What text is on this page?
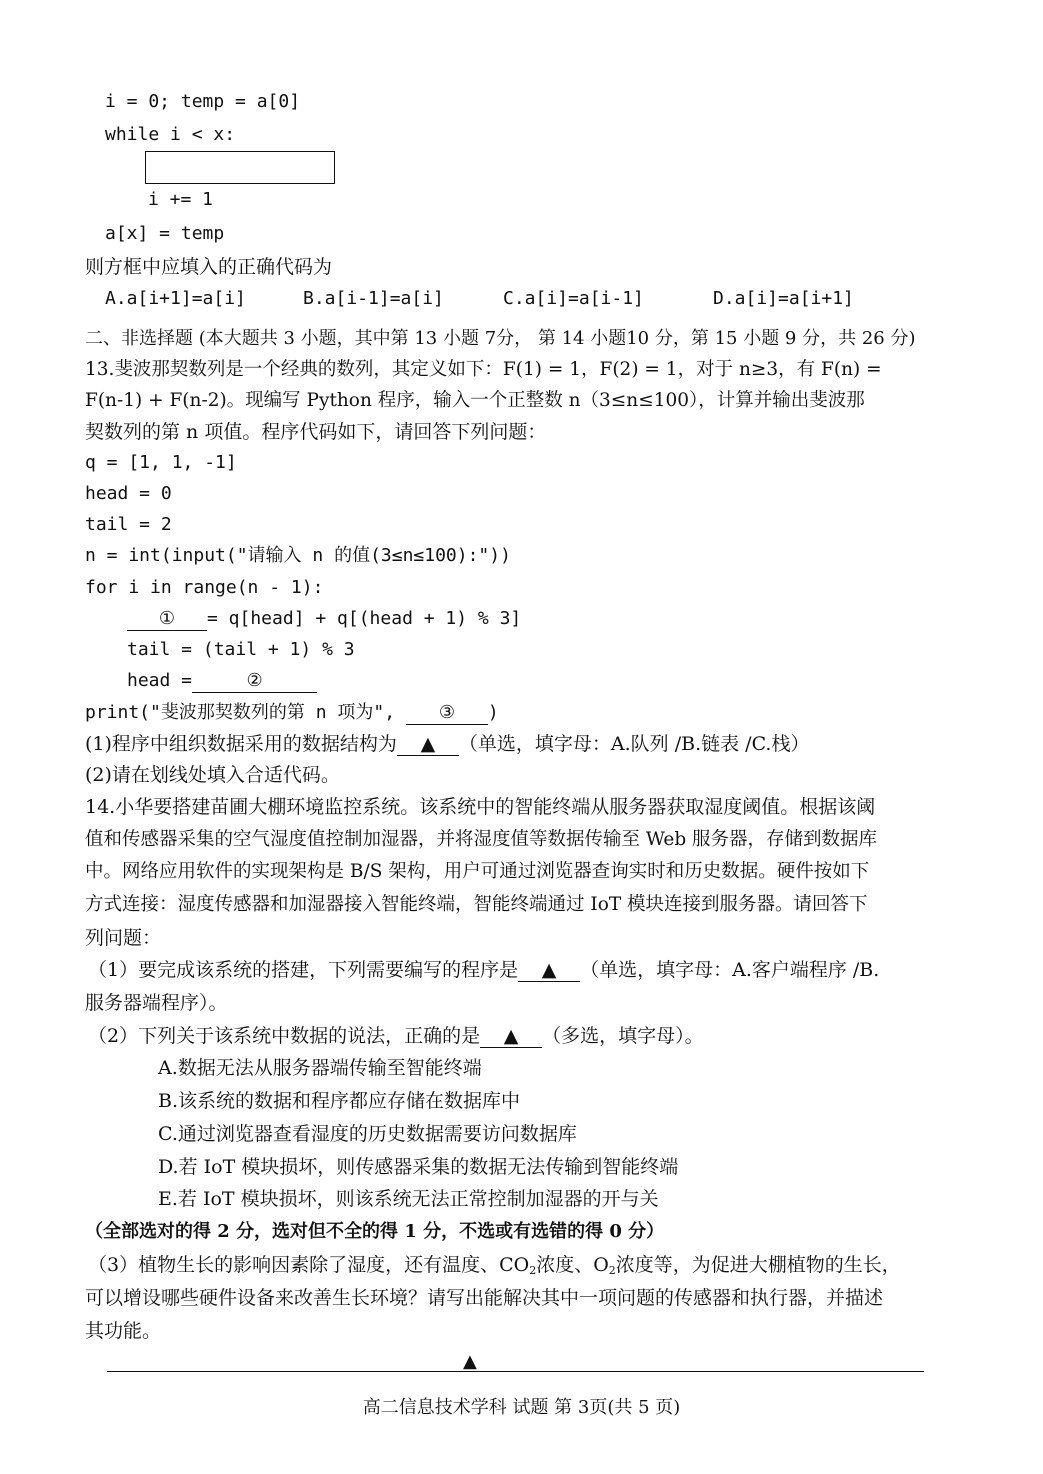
i = 0; temp = a[0]
while i < x:
i += 1
a[x] = temp
则方框中应填入的正确代码为
A.a[i+1]=a[i]	B.a[i-1]=a[i]	C.a[i]=a[i-1]	D.a[i]=a[i+1]
二、非选择题 (本大题共 3 小题，其中第 13 小题 7分， 第 14 小题10 分，第 15 小题 9 分，共 26 分)
13.斐波那契数列是一个经典的数列，其定义如下：F(1) = 1，F(2) = 1，对于 n≥3，有 F(n) =
F(n-1) + F(n-2)。现编写 Python 程序，输入一个正整数 n（3≤n≤100），计算并输出斐波那
契数列的第 n 项值。程序代码如下，请回答下列问题：
q = [1, 1, -1]
head = 0
tail = 2
n = int(input("请输入 n 的值(3≤n≤100):"))
for i in range(n - 1):
① = q[head] + q[(head + 1) % 3]
tail = (tail + 1) % 3
head =	②
print("斐波那契数列的第 n 项为", ③ )
(1)程序中组织数据采用的数据结构为 ▲ （单选，填字母：A.队列 /B.链表 /C.栈）
(2)请在划线处填入合适代码。
14.小华要搭建苗圃大棚环境监控系统。该系统中的智能终端从服务器获取湿度阈值。根据该阈
值和传感器采集的空气湿度值控制加湿器，并将湿度值等数据传输至 Web 服务器，存储到数据库
中。网络应用软件的实现架构是 B/S 架构，用户可通过浏览器查询实时和历史数据。硬件按如下
方式连接：湿度传感器和加湿器接入智能终端，智能终端通过 IoT 模块连接到服务器。请回答下
列问题：
（1）要完成该系统的搭建，下列需要编写的程序是 ▲ （单选，填字母：A.客户端程序 /B.
服务器端程序）。
（2）下列关于该系统中数据的说法，正确的是 ▲ （多选，填字母）。
A.数据无法从服务器端传输至智能终端
B.该系统的数据和程序都应存储在数据库中
C.通过浏览器查看湿度的历史数据需要访问数据库
D.若 IoT 模块损坏，则传感器采集的数据无法传输到智能终端
E.若 IoT 模块损坏，则该系统无法正常控制加湿器的开与关
（全部选对的得 2 分，选对但不全的得 1 分，不选或有选错的得 0 分）
（3）植物生长的影响因素除了湿度，还有温度、$CO_2$浓度、$O_2$浓度等，为促进大棚植物的生长，
可以增设哪些硬件设备来改善生长环境？请写出能解决其中一项问题的传感器和执行器，并描述
其功能。
▲
高二信息技术学科 试题 第 3页(共 5 页)
